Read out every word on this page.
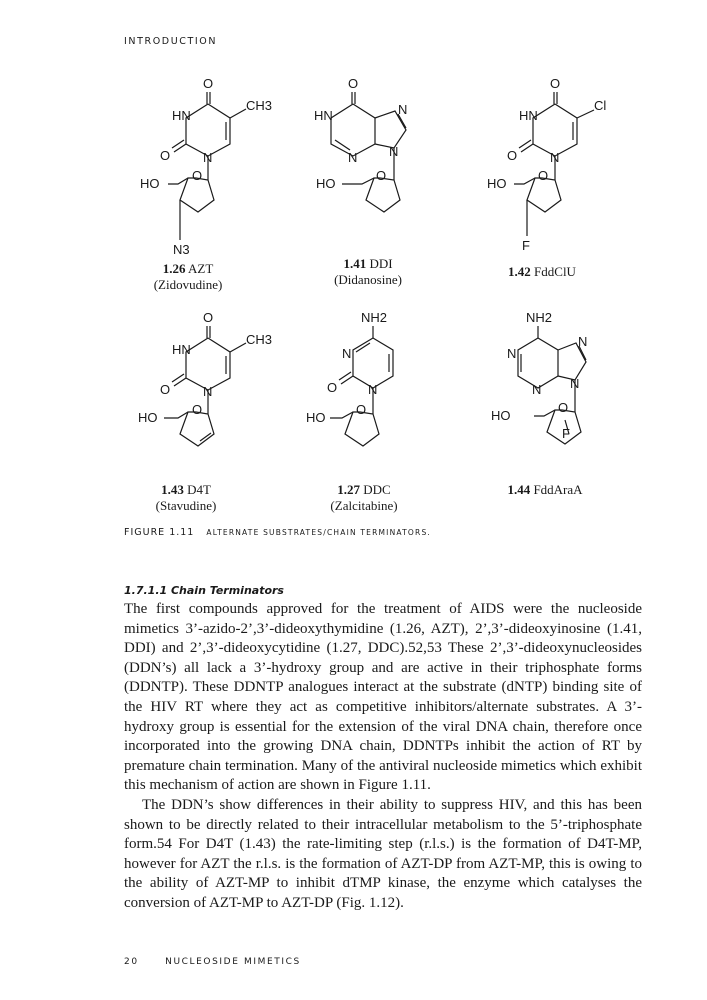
INTRODUCTION
O
HN
CH3
O	N
HO
O
N3
O
HN	N
N N
HO
O
O
HN
Cl
O	N
HO
O
F
O
HN
CH3
O	N
HO
O
NH2
N
O N
HO
O
NH2
N
N
N N
HO
O
F
1.26 AZT
(Zidovudine)
1.41 DDI
(Didanosine)
1.42 FddClU
1.43 D4T
(Stavudine)
1.27 DDC
(Zalcitabine)
1.44 FddAraA
FIGURE 1.11 ALTERNATE SUBSTRATES/CHAIN TERMINATORS.
1.7.1.1 Chain Terminators

The first compounds approved for the treatment of AIDS were the nucleoside mimetics 3’-azido-2’,3’-dideoxythymidine (1.26, AZT), 2’,3’-dideoxyinosine (1.41, DDI) and 2’,3’-dideoxycytidine (1.27, DDC).52,53 These 2’,3’-dideoxynucleosides (DDN’s) all lack a 3’-hydroxy group and are active in their triphosphate forms (DDNTP). These DDNTP analogues interact at the substrate (dNTP) binding site of the HIV RT where they act as competitive inhibitors/alternate substrates. A 3’-hydroxy group is essential for the extension of the viral DNA chain, therefore once incorporated into the growing DNA chain, DDNTPs inhibit the action of RT by premature chain termination. Many of the antiviral nucleoside mimetics which exhibit this mechanism of action are shown in Figure 1.11.

The DDN’s show differences in their ability to suppress HIV, and this has been shown to be directly related to their intracellular metabolism to the 5’-triphosphate form.54 For D4T (1.43) the rate-limiting step (r.l.s.) is the formation of D4T-MP, however for AZT the r.l.s. is the formation of AZT-DP from AZT-MP, this is owing to the ability of AZT-MP to inhibit dTMP kinase, the enzyme which catalyses the conversion of AZT-MP to AZT-DP (Fig. 1.12).

20	NUCLEOSIDE MIMETICS
